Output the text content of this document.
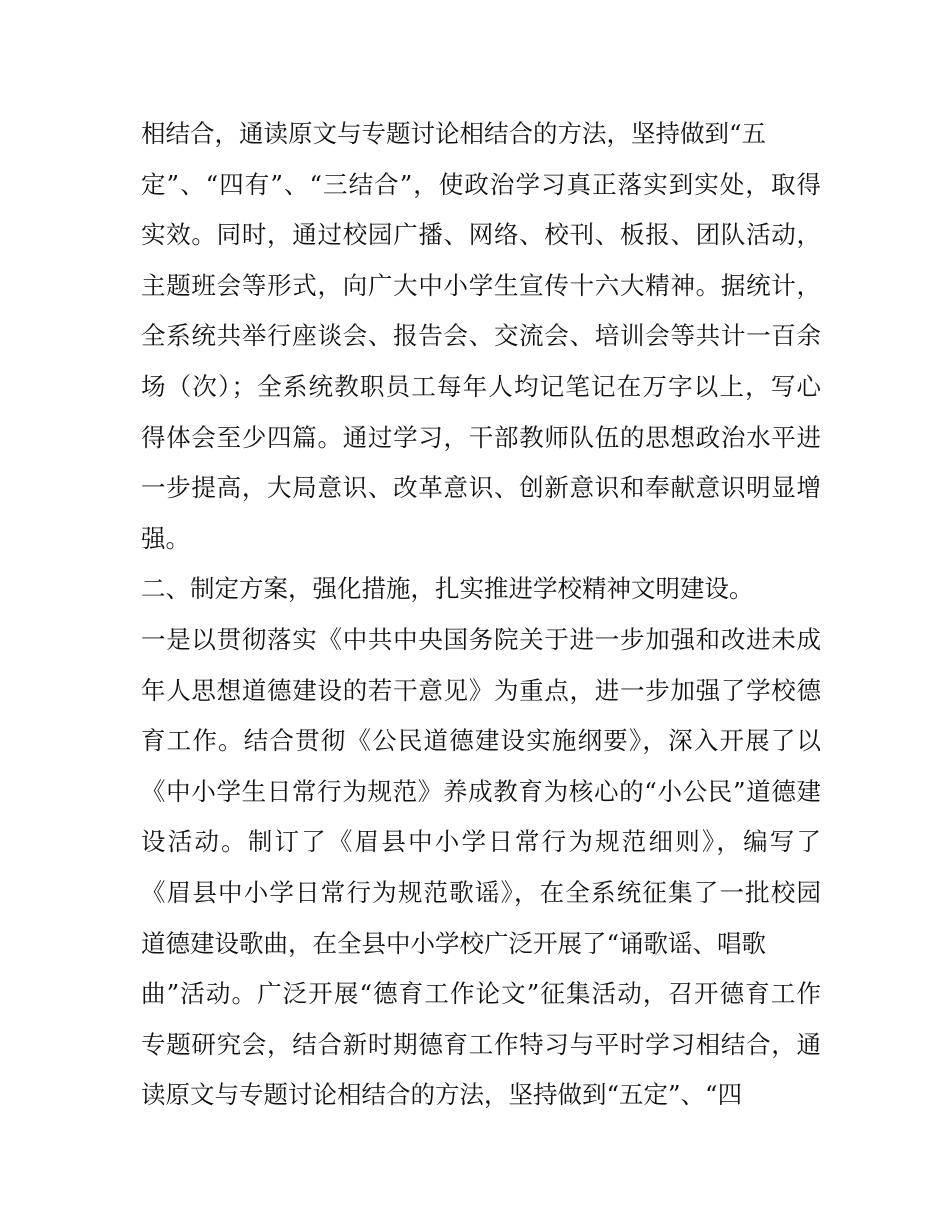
相结合，通读原文与专题讨论相结合的方法，坚持做到“五
定”、“四有”、“三结合”，使政治学习真正落实到实处，取得
实效。同时，通过校园广播、网络、校刊、板报、团队活动，
主题班会等形式，向广大中小学生宣传十六大精神。据统计，
全系统共举行座谈会、报告会、交流会、培训会等共计一百余
场（次）；全系统教职员工每年人均记笔记在万字以上，写心
得体会至少四篇。通过学习，干部教师队伍的思想政治水平进
一步提高，大局意识、改革意识、创新意识和奉献意识明显增
强。
二、制定方案，强化措施，扎实推进学校精神文明建设。
一是以贯彻落实《中共中央国务院关于进一步加强和改进未成
年人思想道德建设的若干意见》为重点，进一步加强了学校德
育工作。结合贯彻《公民道德建设实施纲要》，深入开展了以
《中小学生日常行为规范》养成教育为核心的“小公民”道德建
设活动。制订了《眉县中小学日常行为规范细则》，编写了
《眉县中小学日常行为规范歌谣》，在全系统征集了一批校园
道德建设歌曲，在全县中小学校广泛开展了“诵歌谣、唱歌
曲”活动。广泛开展“德育工作论文”征集活动，召开德育工作
专题研究会，结合新时期德育工作特习与平时学习相结合，通
读原文与专题讨论相结合的方法，坚持做到“五定”、“四
